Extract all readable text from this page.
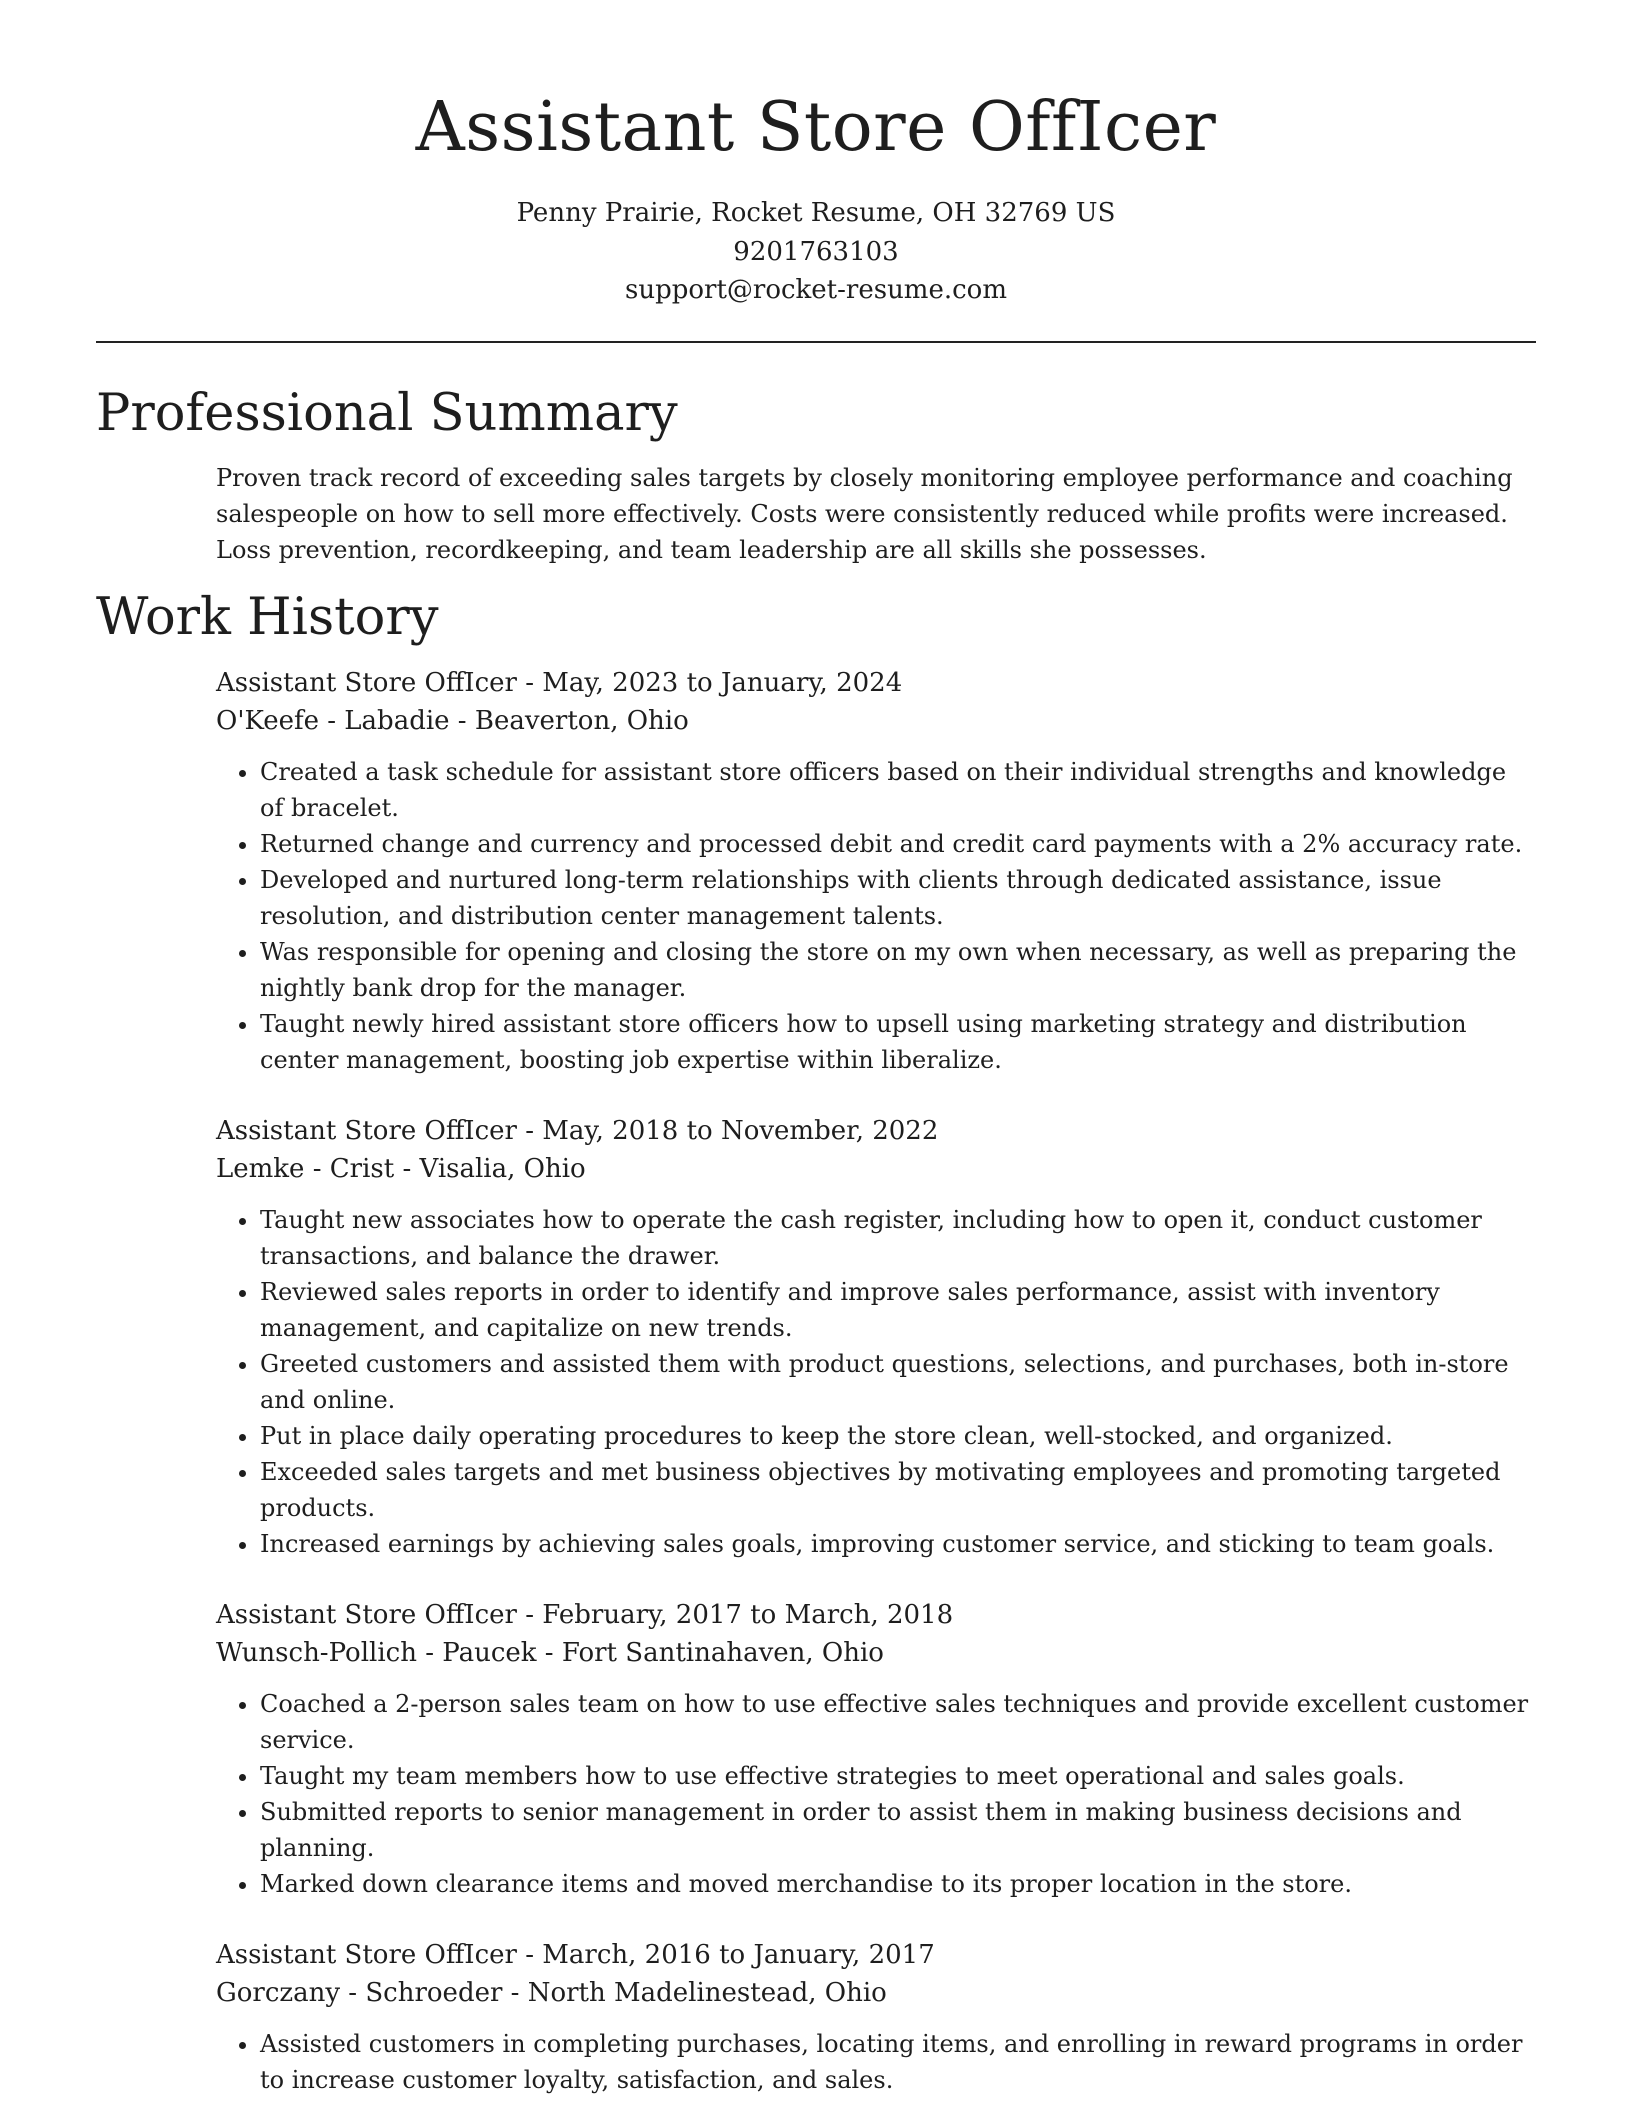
Assistant Store OffIcer
Penny Prairie, Rocket Resume, OH 32769 US
9201763103
support@rocket-resume.com
Professional Summary

Proven track record of exceeding sales targets by closely monitoring employee performance and coaching salespeople on how to sell more effectively. Costs were consistently reduced while profits were increased. Loss prevention, recordkeeping, and team leadership are all skills she possesses.

Work History
Assistant Store OffIcer - May, 2023 to January, 2024
O'Keefe - Labadie - Beaverton, Ohio
• Created a task schedule for assistant store officers based on their individual strengths and knowledge of bracelet.
• Returned change and currency and processed debit and credit card payments with a 2% accuracy rate.
• Developed and nurtured long-term relationships with clients through dedicated assistance, issue resolution, and distribution center management talents.
• Was responsible for opening and closing the store on my own when necessary, as well as preparing the nightly bank drop for the manager.
• Taught newly hired assistant store officers how to upsell using marketing strategy and distribution center management, boosting job expertise within liberalize.
Assistant Store OffIcer - May, 2018 to November, 2022
Lemke - Crist - Visalia, Ohio
• Taught new associates how to operate the cash register, including how to open it, conduct customer transactions, and balance the drawer.
• Reviewed sales reports in order to identify and improve sales performance, assist with inventory management, and capitalize on new trends.
• Greeted customers and assisted them with product questions, selections, and purchases, both in-store and online.
• Put in place daily operating procedures to keep the store clean, well-stocked, and organized.
• Exceeded sales targets and met business objectives by motivating employees and promoting targeted products.
• Increased earnings by achieving sales goals, improving customer service, and sticking to team goals.
Assistant Store OffIcer - February, 2017 to March, 2018
Wunsch-Pollich - Paucek - Fort Santinahaven, Ohio
• Coached a 2-person sales team on how to use effective sales techniques and provide excellent customer service.
• Taught my team members how to use effective strategies to meet operational and sales goals.
• Submitted reports to senior management in order to assist them in making business decisions and planning.
• Marked down clearance items and moved merchandise to its proper location in the store.
Assistant Store OffIcer - March, 2016 to January, 2017
Gorczany - Schroeder - North Madelinestead, Ohio
• Assisted customers in completing purchases, locating items, and enrolling in reward programs in order to increase customer loyalty, satisfaction, and sales.
